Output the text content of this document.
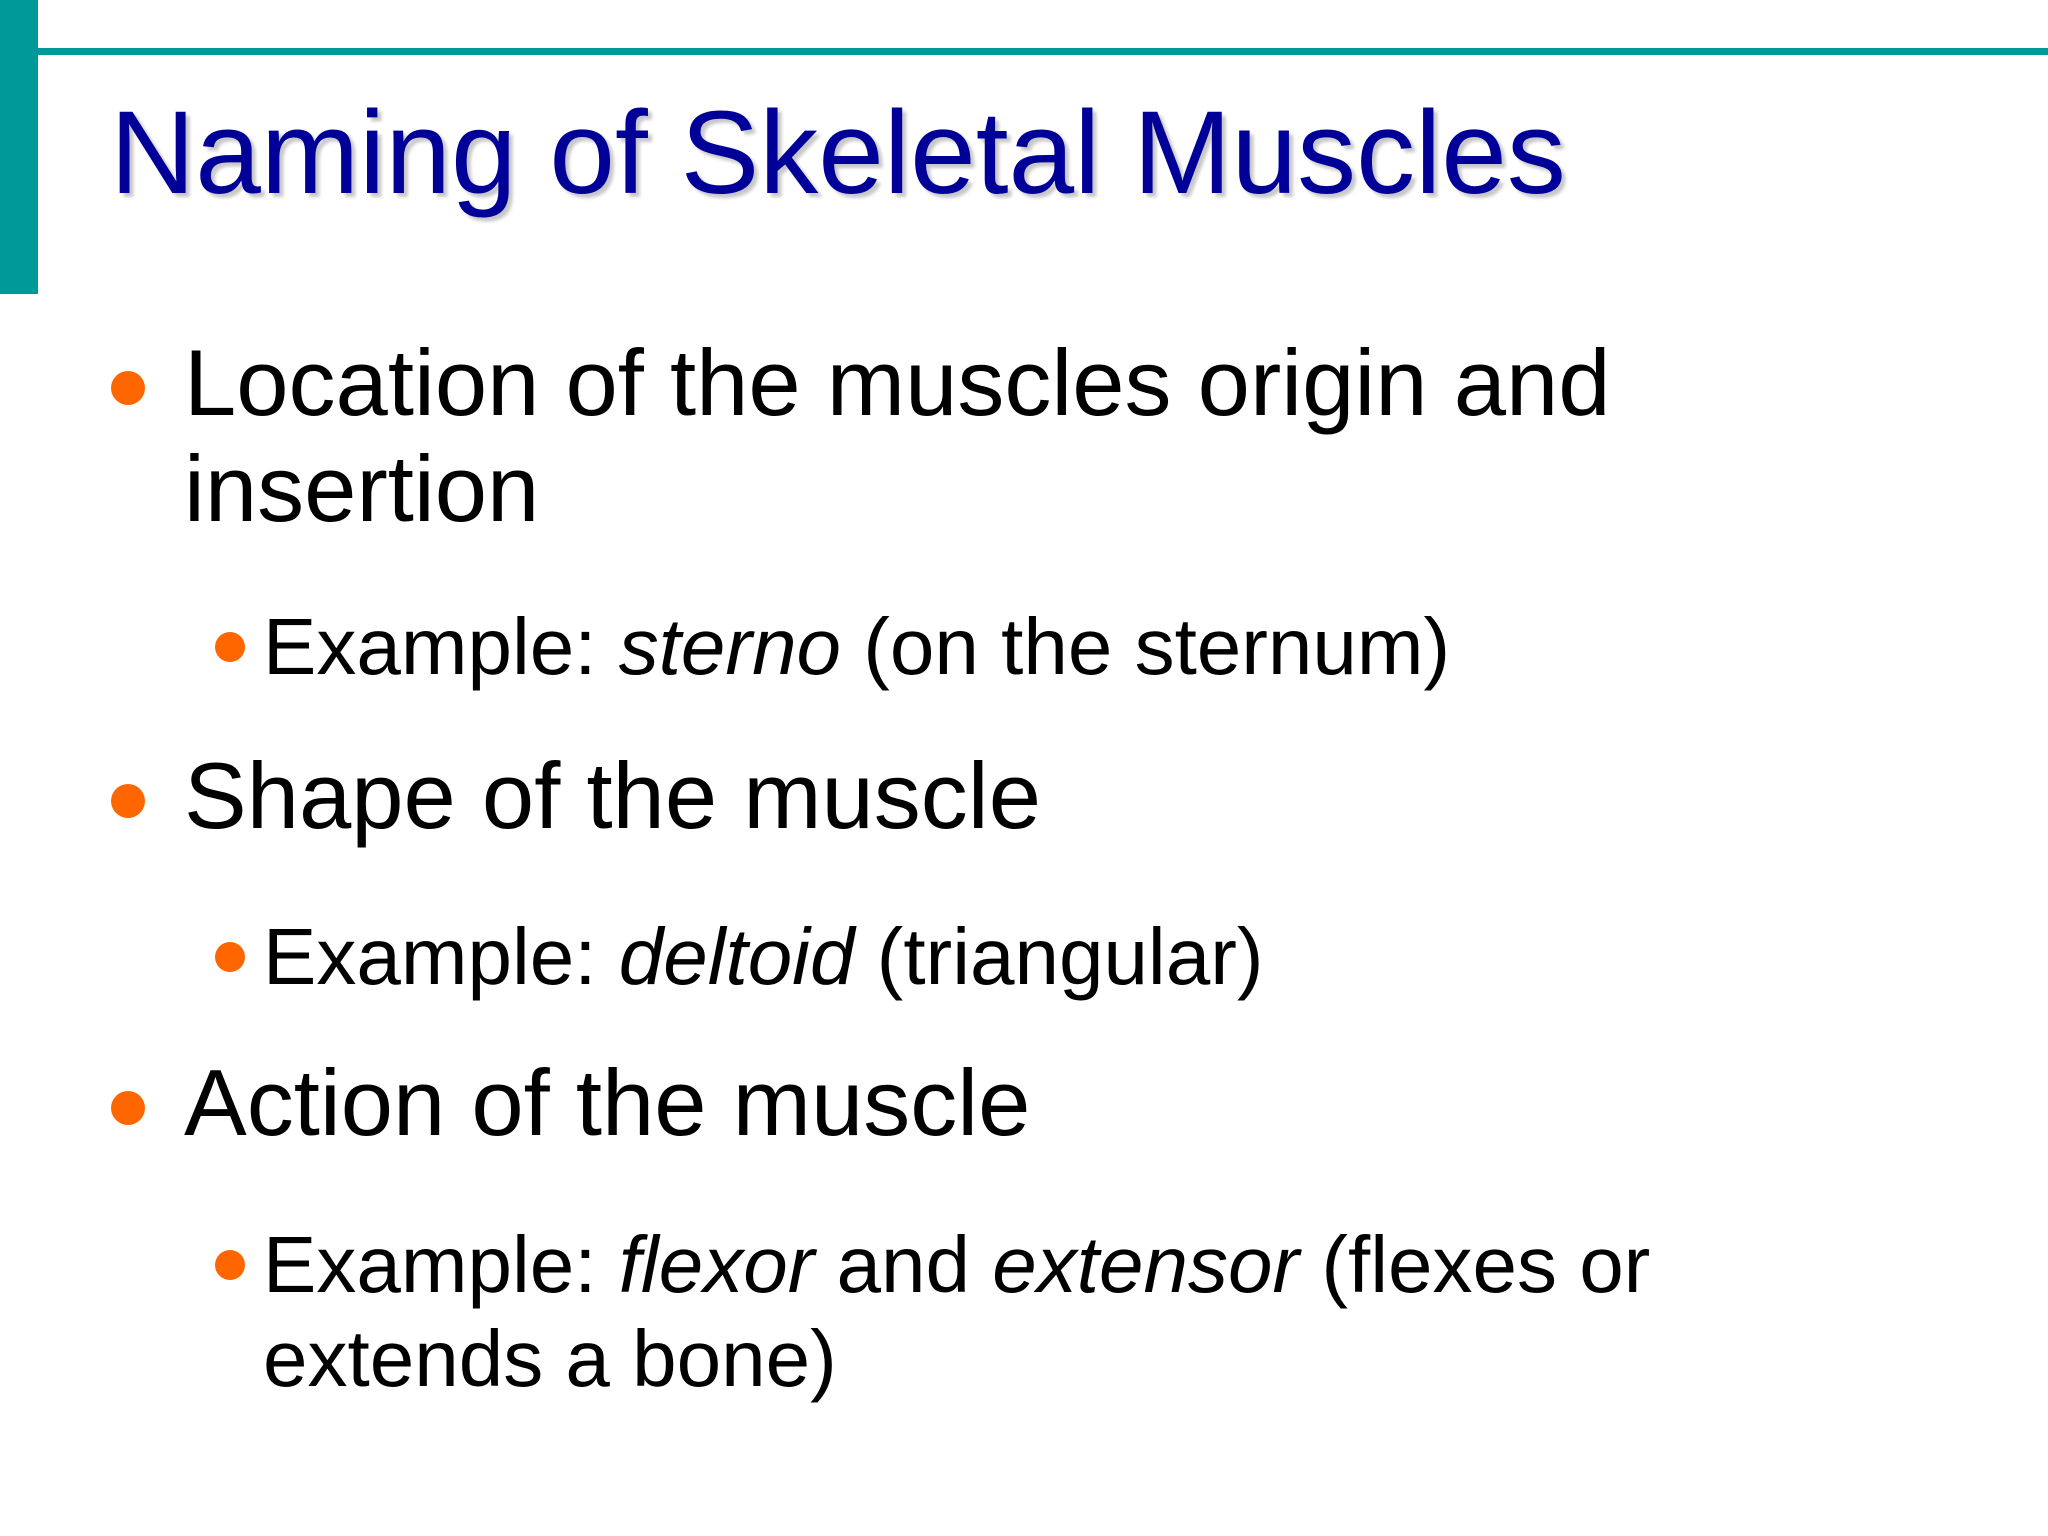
Naming of Skeletal Muscles
Location of the muscles origin and
insertion
Example: sterno (on the sternum)
Shape of the muscle
Example: deltoid (triangular)
Action of the muscle
Example: flexor and extensor (flexes or
extends a bone)
